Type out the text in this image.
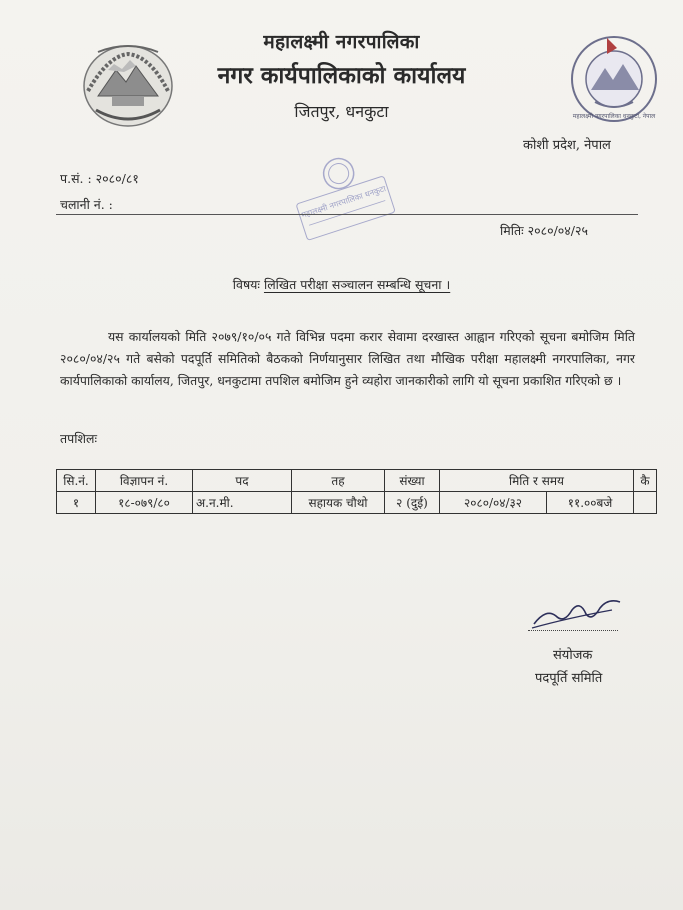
महालक्ष्मी नगरपालिका धनकुटा, नेपाल
महालक्ष्मी नगरपालिका
नगर कार्यपालिकाको कार्यालय
जितपुर, धनकुटा
कोशी प्रदेश, नेपाल
प.सं. : २०८०/८१
चलानी नं. :	महालक्ष्मी नगरपालिका धनकुटा
मितिः २०८०/०४/२५
विषयः लिखित परीक्षा सञ्चालन सम्बन्धि सूचना ।
यस कार्यालयको मिति २०७९/१०/०५ गते विभिन्न पदमा करार सेवामा दरखास्त आह्वान गरिएको सूचना बमोजिम मिति २०८०/०४/२५ गते बसेको पदपूर्ति समितिको बैठकको निर्णयानुसार लिखित तथा मौखिक परीक्षा महालक्ष्मी नगरपालिका, नगर कार्यपालिकाको कार्यालय, जितपुर, धनकुटामा तपशिल बमोजिम हुने व्यहोरा जानकारीको लागि यो सूचना प्रकाशित गरिएको छ ।
तपशिलः
सि.नं.	विज्ञापन नं.	पद	तह	संख्या	मिति र समय		कै
१	१८-०७९/८०	अ.न.मी.	सहायक चौथो	२ (दुई)	२०८०/०४/३२	११.००बजे	
संयोजक
पदपूर्ति समिति
